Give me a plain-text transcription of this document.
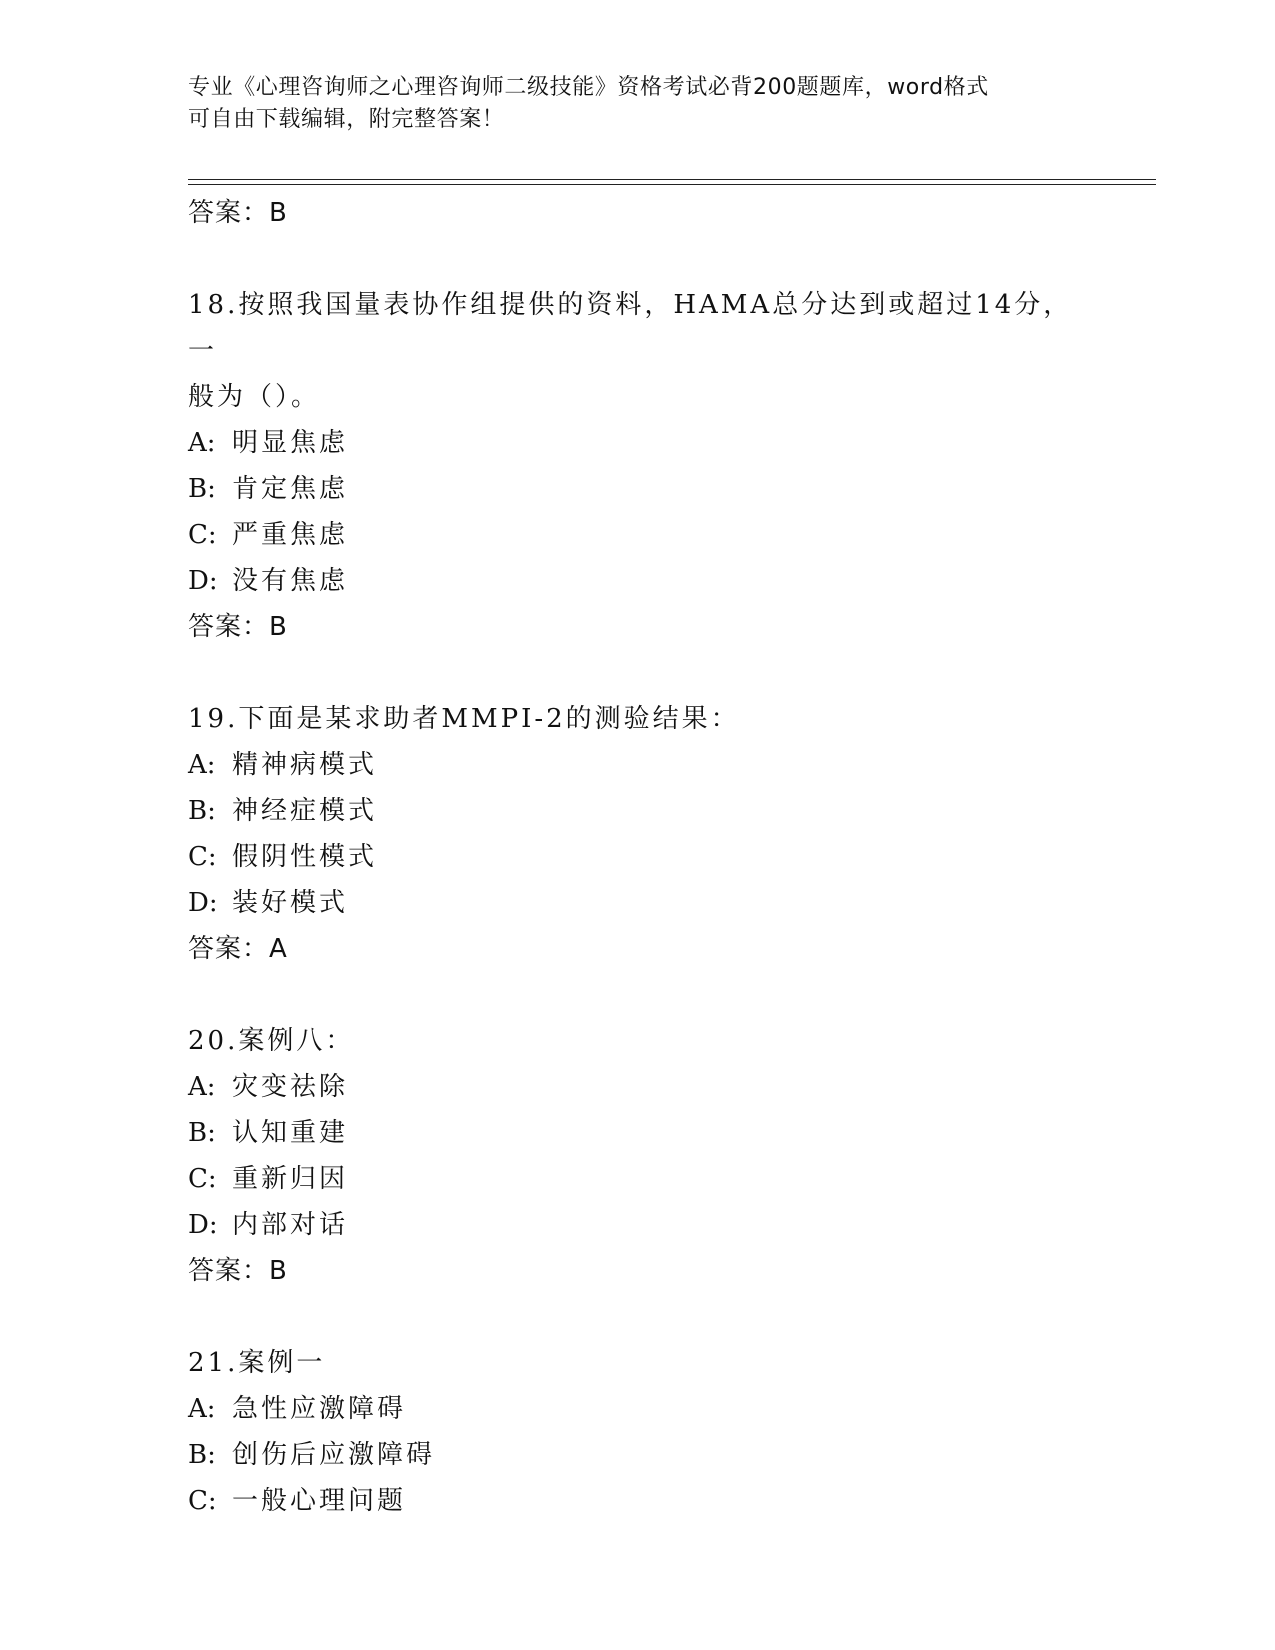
专业《心理咨询师之心理咨询师二级技能》资格考试必背200题题库，word格式
可自由下载编辑，附完整答案！
答案：B
18.按照我国量表协作组提供的资料，HAMA总分达到或超过14分，一
般为（）。
A: 明显焦虑
B: 肯定焦虑
C: 严重焦虑
D: 没有焦虑
答案：B
19.下面是某求助者MMPI-2的测验结果：
A: 精神病模式
B: 神经症模式
C: 假阴性模式
D: 装好模式
答案：A
20.案例八：
A: 灾变祛除
B: 认知重建
C: 重新归因
D: 内部对话
答案：B
21.案例一
A: 急性应激障碍
B: 创伤后应激障碍
C: 一般心理问题
